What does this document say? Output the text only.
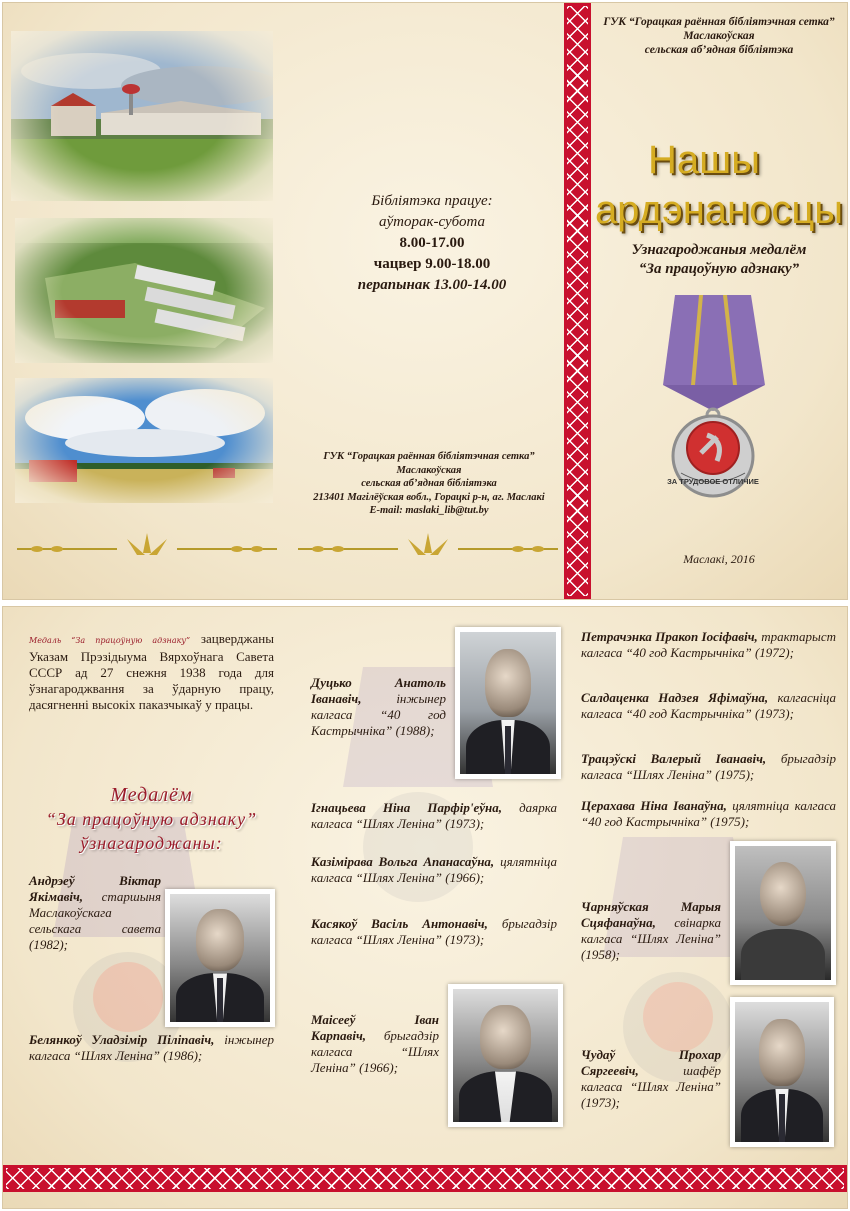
Бібліятэка працуе:
аўторак-субота
8.00-17.00
чацвер 9.00-18.00
перапынак 13.00-14.00
ГУК “Горацкая раённая бібліятэчная сетка”
Маслакоўская
сельская аб’ядная бібліятэка
213401 Магілёўская вобл., Горацкі р-н, аг. Маслакі
E-mail: maslaki_lib@tut.by
ГУК “Горацкая раённая бібліятэчная сетка”
Маслакоўская
сельская аб’ядная бібліятэка
Нашы
ардэнаносцы
Узнагароджаныя медалём
“За працоўную адзнаку”
ЗА ТРУДОВОЕ ОТЛИЧИЕ
Маслакі, 2016
Медаль “За працоўную адзнаку” зацверджаны Указам Прэзідыума Вярхоўнага Савета СССР ад 27 снежня 1938 года для ўзнагароджвання за ўдарную працу, дасягненні высокіх паказчыкаў у працы.
Медалём
“За працоўную адзнаку”
ўзнагароджаны:
Андрэеў Віктар Якімавіч, старшыня Маслакоўскага сельскага савета (1982);
Белянкоў Уладзімір Пiлiпавiч, інжынер калгаса “Шлях Леніна” (1986);
Дуцько Анатоль Іванавіч, інжынер калгаса “40 год Кастрычніка” (1988);
Ігнацьева Ніна Парфір'еўна, даярка калгаса “Шлях Леніна” (1973);
Казімірава Вольга Апанасаўна, цялятніца калгаса “Шлях Леніна” (1966);
Касякоў Васіль Антонавіч, брыгадзір калгаса “Шлях Леніна” (1973);
Маісееў Іван Карпавіч, брыгадзір калгаса “Шлях Леніна” (1966);
Петрачэнка Пракоп Іосіфавіч, трактарыст калгаса “40 год Кастрычніка” (1972);
Салдаценка Надзея Яфімаўна, калгасніца калгаса “40 год Кастрычніка” (1973);
Трацэўскі Валерый Іванавіч, брыгадзір калгаса “Шлях Леніна” (1975);
Церахава Ніна Іванаўна, цялятніца калгаса “40 год Кастрычніка” (1975);
Чарняўская Марыя Сцяфанаўна, свінарка калгаса “Шлях Леніна” (1958);
Чудаў Прохар Сяргеевіч, шафёр калгаса “Шлях Леніна” (1973);
